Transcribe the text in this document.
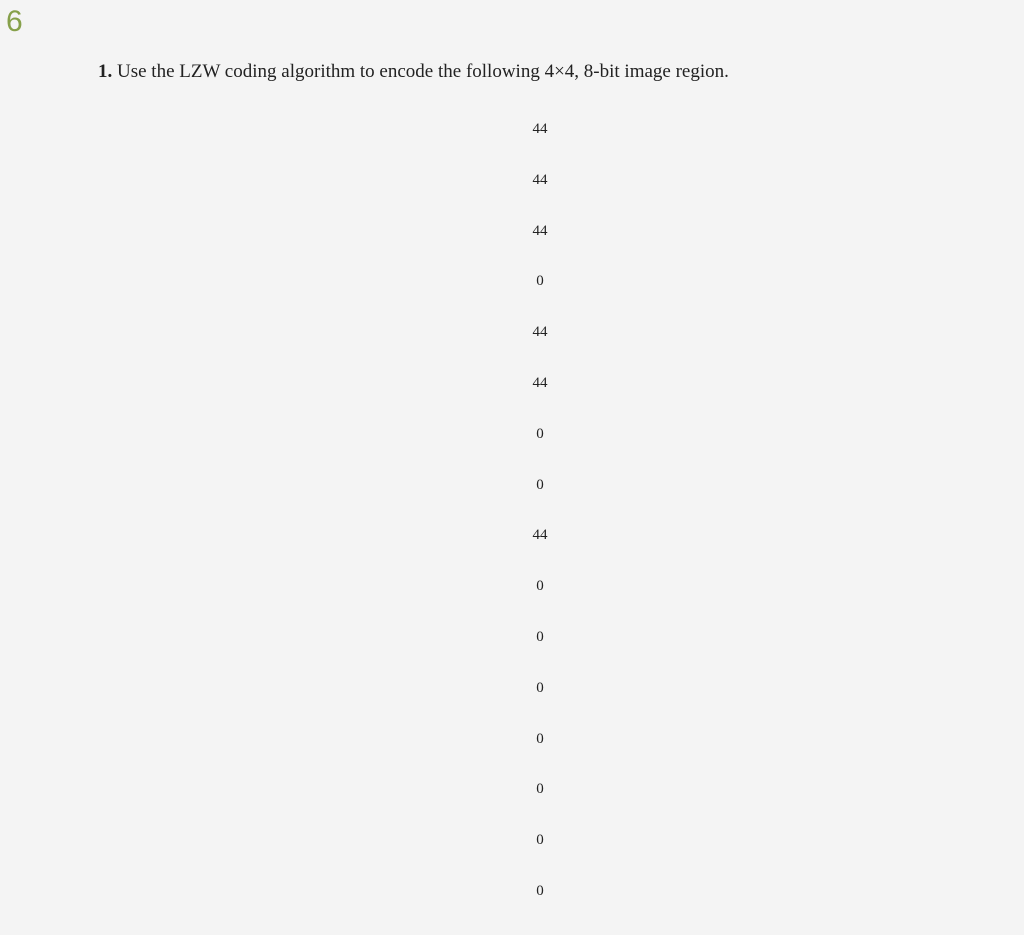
6
1. Use the LZW coding algorithm to encode the following 4×4, 8-bit image region.
44
44
44
0
44
44
0
0
44
0
0
0
0
0
0
0
